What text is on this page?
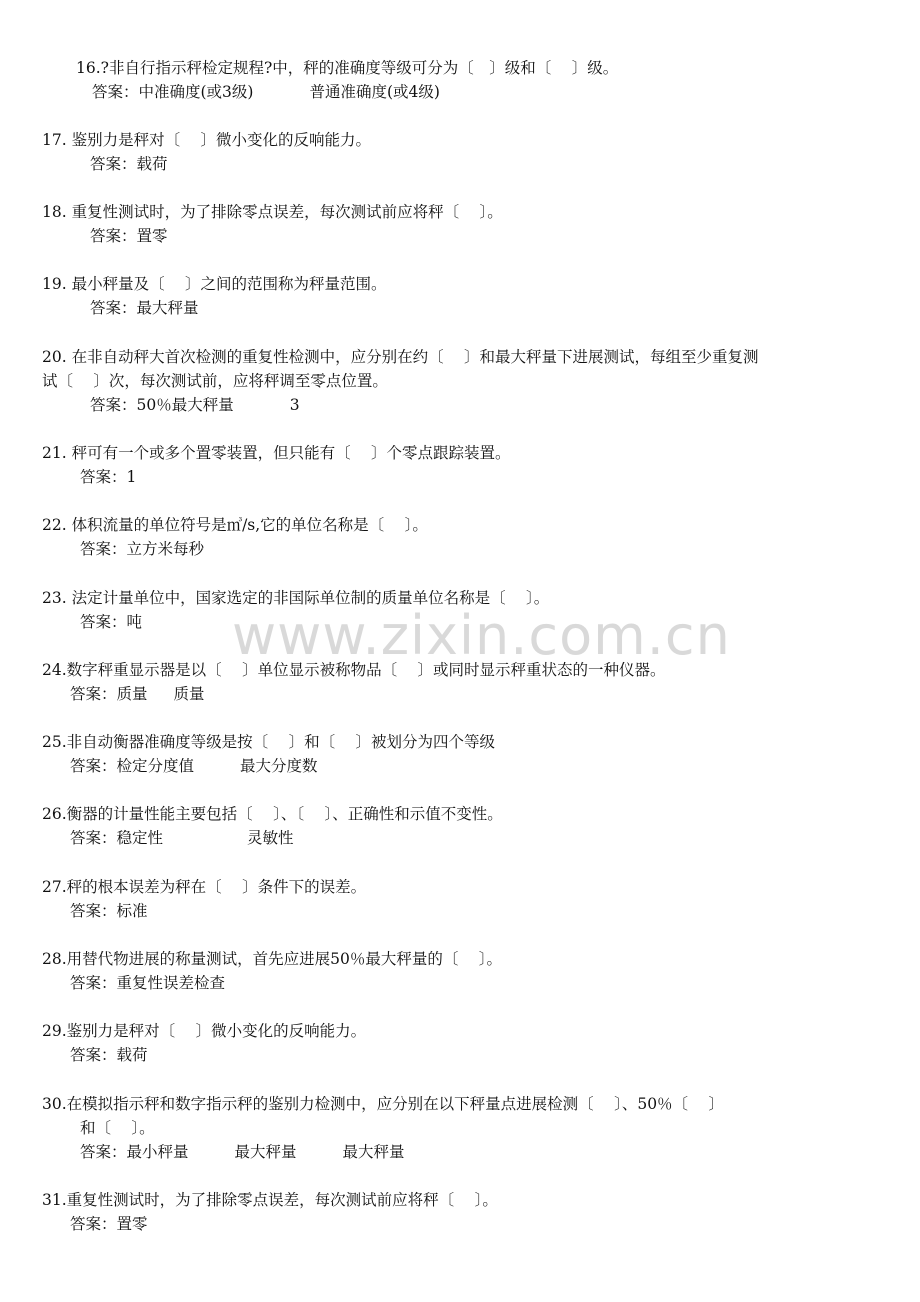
www.zixin.com.cn
16.?非自行指示秤检定规程?中，秤的准确度等级可分为〔　〕级和〔　 〕级。
答案：中准确度(或3级)	普通准确度(或4级)
17. 鉴别力是秤对〔　 〕微小变化的反响能力。
答案：载荷
18. 重复性测试时，为了排除零点误差，每次测试前应将秤〔　 〕。
答案：置零
19. 最小秤量及〔　 〕之间的范围称为秤量范围。
答案：最大秤量
20. 在非自动秤大首次检测的重复性检测中，应分别在约〔　 〕和最大秤量下进展测试，每组至少重复测
试〔　 〕次，每次测试前，应将秤调至零点位置。
答案：50％最大秤量	3
21. 秤可有一个或多个置零装置，但只能有〔　 〕个零点跟踪装置。
答案：1
22. 体积流量的单位符号是㎥/s,它的单位名称是〔　 〕。
答案：立方米每秒
23. 法定计量单位中，国家选定的非国际单位制的质量单位名称是〔　 〕。
答案：吨
24.数字秤重显示器是以〔　 〕单位显示被称物品〔　 〕或同时显示秤重状态的一种仪器。
答案：质量 质量
25.非自动衡器准确度等级是按〔　 〕和〔　 〕被划分为四个等级
答案：检定分度值	最大分度数
26.衡器的计量性能主要包括〔　 〕、〔　 〕、正确性和示值不变性。
答案：稳定性	灵敏性
27.秤的根本误差为秤在〔　 〕条件下的误差。
答案：标准
28.用替代物进展的称量测试，首先应进展50％最大秤量的〔　 〕。
答案：重复性误差检查
29.鉴别力是秤对〔　 〕微小变化的反响能力。
答案：载荷
30.在模拟指示秤和数字指示秤的鉴别力检测中，应分别在以下秤量点进展检测〔　 〕、50％〔　 〕
和〔　 〕。
答案：最小秤量	最大秤量	最大秤量
31.重复性测试时，为了排除零点误差，每次测试前应将秤〔　 〕。
答案：置零
